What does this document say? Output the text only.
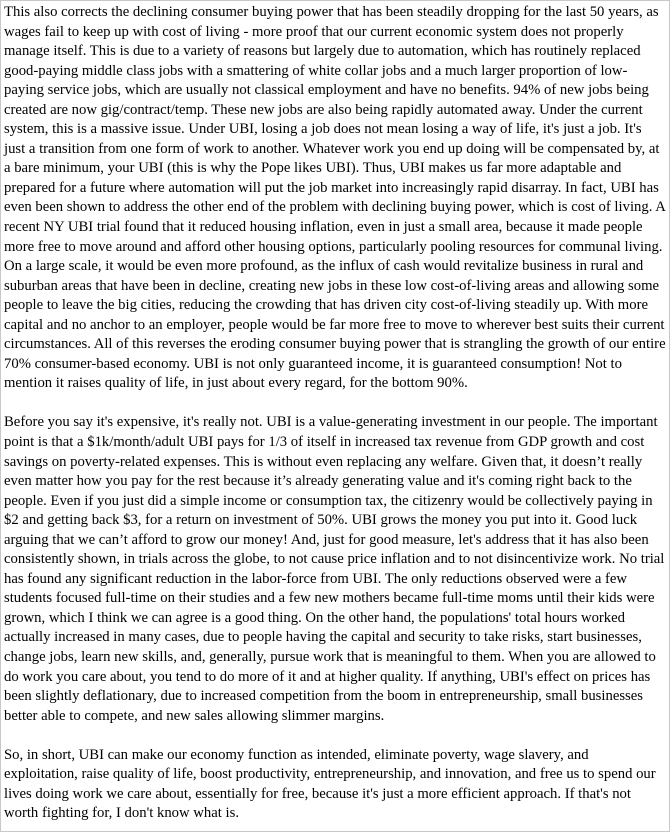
This also corrects the declining consumer buying power that has been steadily dropping for the last 50 years, as wages fail to keep up with cost of living - more proof that our current economic system does not properly manage itself. This is due to a variety of reasons but largely due to automation, which has routinely replaced good-paying middle class jobs with a smattering of white collar jobs and a much larger proportion of low-paying service jobs, which are usually not classical employment and have no benefits. 94% of new jobs being created are now gig/contract/temp. These new jobs are also being rapidly automated away. Under the current system, this is a massive issue. Under UBI, losing a job does not mean losing a way of life, it's just a job. It's just a transition from one form of work to another. Whatever work you end up doing will be compensated by, at a bare minimum, your UBI (this is why the Pope likes UBI). Thus, UBI makes us far more adaptable and prepared for a future where automation will put the job market into increasingly rapid disarray. In fact, UBI has even been shown to address the other end of the problem with declining buying power, which is cost of living. A recent NY UBI trial found that it reduced housing inflation, even in just a small area, because it made people more free to move around and afford other housing options, particularly pooling resources for communal living. On a large scale, it would be even more profound, as the influx of cash would revitalize business in rural and suburban areas that have been in decline, creating new jobs in these low cost-of-living areas and allowing some people to leave the big cities, reducing the crowding that has driven city cost-of-living steadily up. With more capital and no anchor to an employer, people would be far more free to move to wherever best suits their current circumstances. All of this reverses the eroding consumer buying power that is strangling the growth of our entire 70% consumer-based economy. UBI is not only guaranteed income, it is guaranteed consumption! Not to mention it raises quality of life, in just about every regard, for the bottom 90%.

Before you say it's expensive, it's really not. UBI is a value-generating investment in our people. The important point is that a $1k/month/adult UBI pays for 1/3 of itself in increased tax revenue from GDP growth and cost savings on poverty-related expenses. This is without even replacing any welfare. Given that, it doesn’t really even matter how you pay for the rest because it’s already generating value and it's coming right back to the people. Even if you just did a simple income or consumption tax, the citizenry would be collectively paying in $2 and getting back $3, for a return on investment of 50%. UBI grows the money you put into it. Good luck arguing that we can’t afford to grow our money! And, just for good measure, let's address that it has also been consistently shown, in trials across the globe, to not cause price inflation and to not disincentivize work. No trial has found any significant reduction in the labor-force from UBI. The only reductions observed were a few students focused full-time on their studies and a few new mothers became full-time moms until their kids were grown, which I think we can agree is a good thing. On the other hand, the populations' total hours worked actually increased in many cases, due to people having the capital and security to take risks, start businesses, change jobs, learn new skills, and, generally, pursue work that is meaningful to them. When you are allowed to do work you care about, you tend to do more of it and at higher quality. If anything, UBI's effect on prices has been slightly deflationary, due to increased competition from the boom in entrepreneurship, small businesses better able to compete, and new sales allowing slimmer margins.

So, in short, UBI can make our economy function as intended, eliminate poverty, wage slavery, and exploitation, raise quality of life, boost productivity, entrepreneurship, and innovation, and free us to spend our lives doing work we care about, essentially for free, because it's just a more efficient approach. If that's not worth fighting for, I don't know what is.
